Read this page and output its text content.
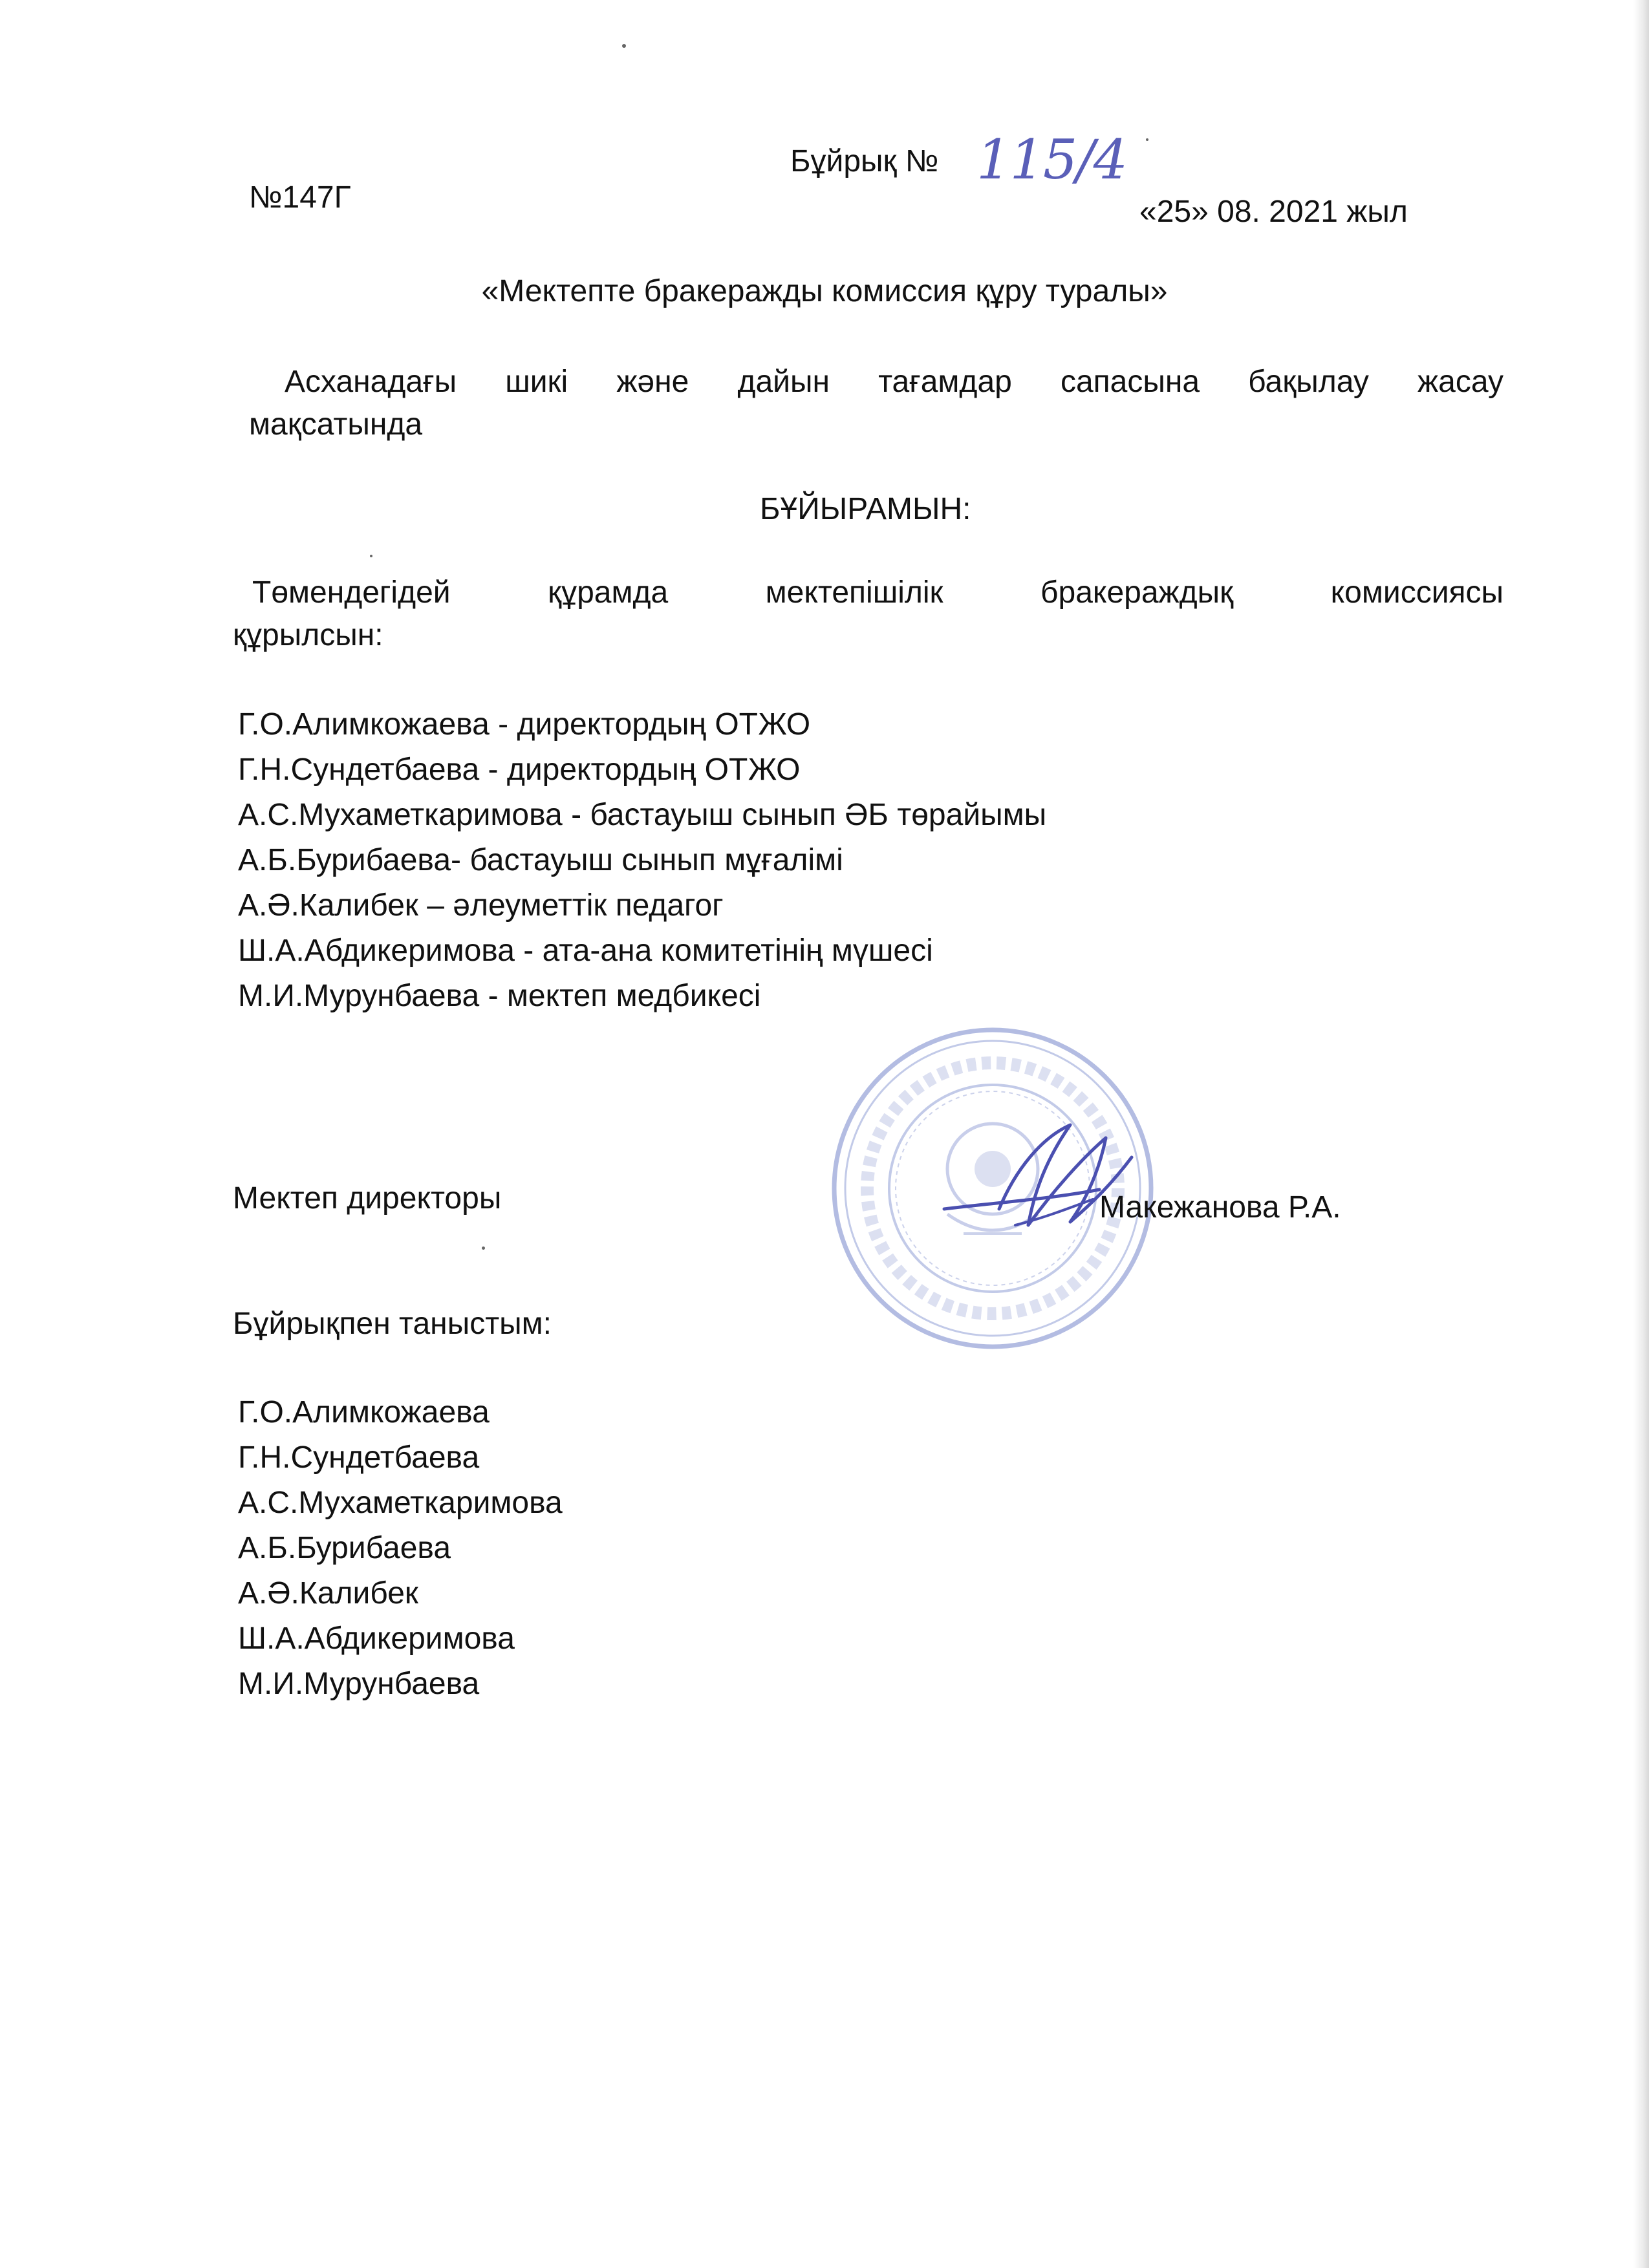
Бұйрық № 115/4
№147Г	«25» 08. 2021 жыл
«Мектепте бракеражды комиссия құру туралы»
Асханадағы шикі және дайын тағамдар сапасына бақылау жасау
мақсатында
БҰЙЫРАМЫН:
Төмендегідей құрамда мектепішілік бракераждық комиссиясы
құрылсын:
Г.О.Алимкожаева - директордың ОТЖО
Г.Н.Сундетбаева - директордың ОТЖО
А.С.Мухаметкаримова - бастауыш сынып ӘБ төрайымы
А.Б.Бурибаева- бастауыш сынып мұғалімі
А.Ә.Калибек – әлеуметтік педагог
Ш.А.Абдикеримова - ата-ана комитетінің мүшесі
М.И.Мурунбаева - мектеп медбикесі
Мектеп директоры	Макежанова Р.А.
Бұйрықпен таныстым:
Г.О.Алимкожаева
Г.Н.Сундетбаева
А.С.Мухаметкаримова
А.Б.Бурибаева
А.Ә.Калибек
Ш.А.Абдикеримова
М.И.Мурунбаева
